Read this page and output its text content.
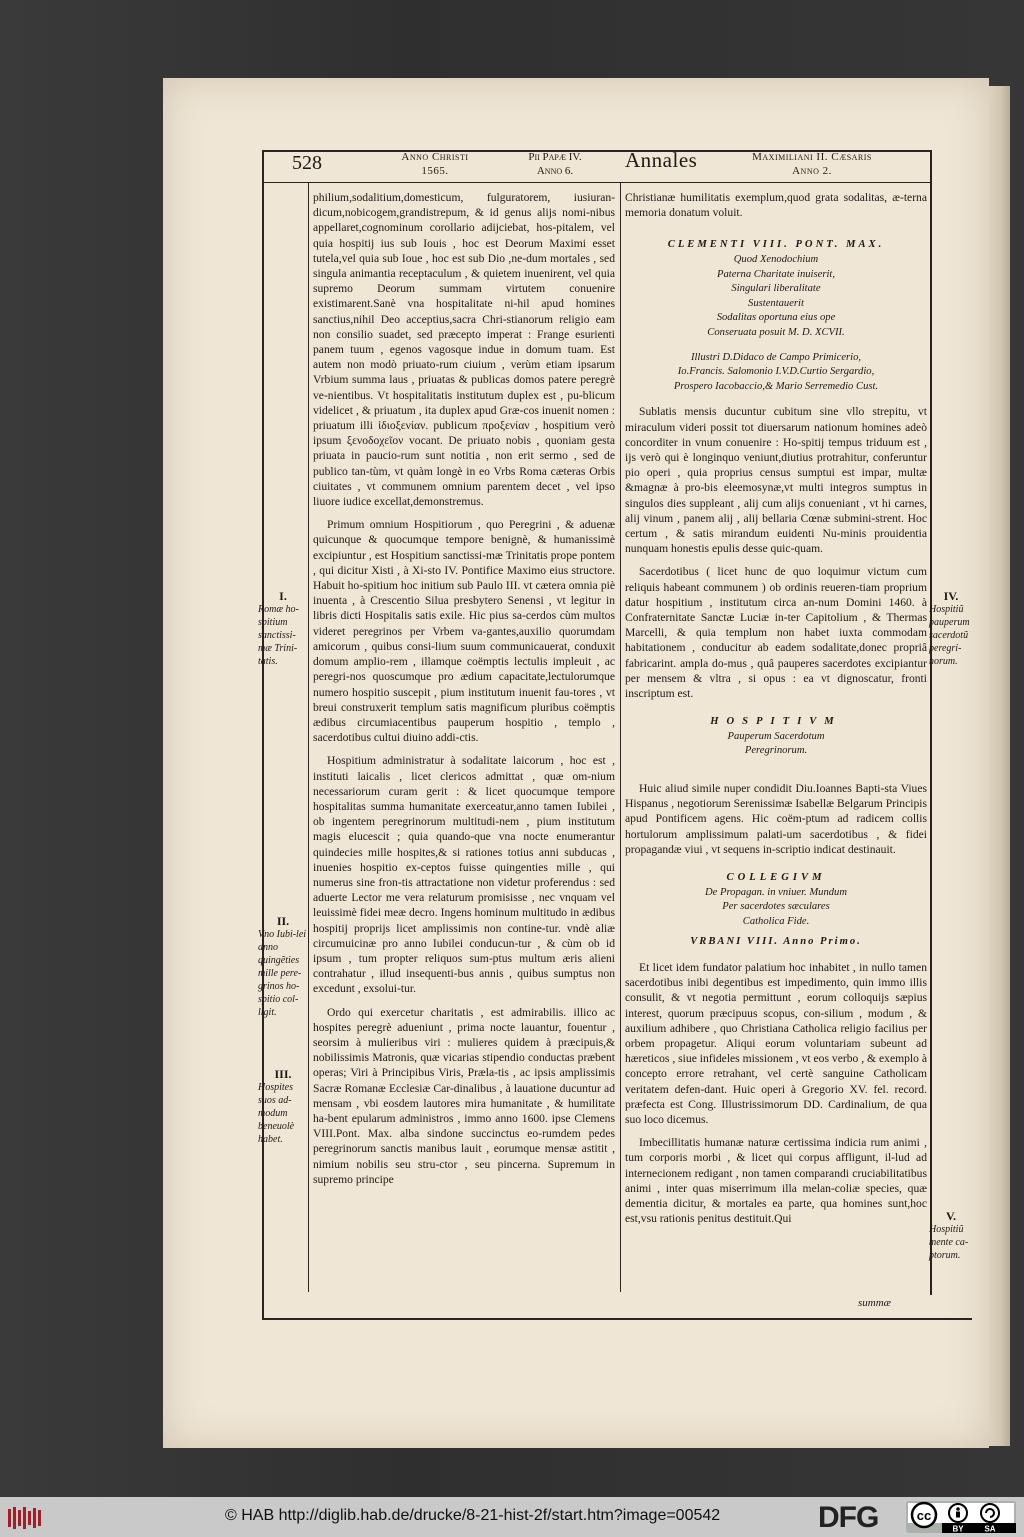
528	Anno Christi
1565.
Pii Papæ IV.
Anno 6.	Annales	Maximiliani II. Cæsaris
Anno 2.

philium,sodalitium,domesticum, fulguratorem, iusiuran-dicum,nobicogem,grandistrepum, & id genus alijs nomi-nibus appellaret,cognominum corollario adijciebat, hos-pitalem, vel quia hospitij ius sub Iouis , hoc est Deorum Maximi esset tutela,vel quia sub Ioue , hoc est sub Dio ,ne-dum mortales , sed singula animantia receptaculum , & quietem inuenirent, vel quia supremo Deorum summam virtutem conuenire existimarent.Sanè vna hospitalitate ni-hil apud homines sanctius,nihil Deo acceptius,sacra Chri-stianorum religio eam non consilio suadet, sed præcepto imperat : Frange esurienti panem tuum , egenos vagosque indue in domum tuam. Est autem non modò priuato-rum ciuium , verùm etiam ipsarum Vrbium summa laus , priuatas & publicas domos patere peregrè ve-nientibus. Vt hospitalitatis institutum duplex est , pu-blicum videlicet , & priuatum , ita duplex apud Græ-cos inuenit nomen : priuatum illi ἰδιοξενίαν. publicum προξενίαν , hospitium verò ipsum ξενοδοχεῖον vocant. De priuato nobis , quoniam gesta priuata in paucio-rum sunt notitia , non erit sermo , sed de publico tan-tùm, vt quàm longè in eo Vrbs Roma cæteras Orbis ciuitates , vt communem omnium parentem decet , vel ipso liuore iudice excellat,demonstremus.

Primum omnium Hospitiorum , quo Peregrini , & aduenæ quicunque & quocumque tempore benignè, & humanissimè excipiuntur , est Hospitium sanctissi-mæ Trinitatis prope pontem , qui dicitur Xisti , à Xi-sto IV. Pontifice Maximo eius structore. Habuit ho-spitium hoc initium sub Paulo III. vt cætera omnia piè inuenta , à Crescentio Silua presbytero Senensi , vt legitur in libris dicti Hospitalis satis exile. Hic pius sa-cerdos cùm multos videret peregrinos per Vrbem va-gantes,auxilio quorumdam amicorum , quibus consi-lium suum communicauerat, conduxit domum amplio-rem , illamque coëmptis lectulis impleuit , ac peregri-nos quoscumque pro ædium capacitate,lectulorumque numero hospitio suscepit , pium institutum inuenit fau-tores , vt breui construxerit templum satis magnificum pluribus coëmptis ædibus circumiacentibus pauperum hospitio , templo , sacerdotibus cultui diuino addi-ctis.

Hospitium administratur à sodalitate laicorum , hoc est , instituti laicalis , licet clericos admittat , quæ om-nium necessariorum curam gerit : & licet quocumque tempore hospitalitas summa humanitate exerceatur,anno tamen Iubilei , ob ingentem peregrinorum multitudi-nem , pium institutum magis elucescit ; quia quando-que vna nocte enumerantur quindecies mille hospites,& si rationes totius anni subducas , inuenies hospitio ex-ceptos fuisse quingenties mille , qui numerus sine fron-tis attractatione non videtur proferendus : sed aduerte Lector me vera relaturum promisisse , nec vnquam vel leuissimè fidei meæ decro. Ingens hominum multitudo in ædibus hospitij proprijs licet amplissimis non contine-tur. vndè aliæ circumuicinæ pro anno Iubilei conducun-tur , & cùm ob id ipsum , tum propter reliquos sum-ptus multum æris alieni contrahatur , illud insequenti-bus annis , quibus sumptus non excedunt , exsolui-tur.

Ordo qui exercetur charitatis , est admirabilis. illico ac hospites peregrè adueniunt , prima nocte lauantur, fouentur , seorsim à mulieribus viri : mulieres quidem à præcipuis,& nobilissimis Matronis, quæ vicarias stipendio conductas præbent operas; Viri à Principibus Viris, Præla-tis , ac ipsis amplissimis Sacræ Romanæ Ecclesiæ Car-dinalibus , à lauatione ducuntur ad mensam , vbi eosdem lautores mira humanitate , & humilitate ha-bent epularum administros , immo anno 1600. ipse Clemens VIII.Pont. Max. alba sindone succinctus eo-rumdem pedes peregrinorum sanctis manibus lauit , eorumque mensæ astitit , nimium nobilis seu stru-ctor , seu pincerna. Supremum in supremo principe

Christianæ humilitatis exemplum,quod grata sodalitas, æ-terna memoria donatum voluit.

CLEMENTI VIII. PONT. MAX.
Quod Xenodochium
Paterna Charitate inuiserit,
Singulari liberalitate
Sustentauerit
Sodalitas oportuna eius ope
Conseruata posuit M. D. XCVII.
Illustri D.Didaco de Campo Primicerio,
Io.Francis. Salomonio I.V.D.Curtio Sergardio,
Prospero Iacobaccio,& Mario Serremedio Cust.

Sublatis mensis ducuntur cubitum sine vllo strepitu, vt miraculum videri possit tot diuersarum nationum homines adeò concorditer in vnum conuenire : Ho-spitij tempus triduum est , ijs verò qui è longinquo veniunt,diutius protrahitur, conferuntur pio operi , quia proprius census sumptui est impar, multæ &magnæ à pro-bis eleemosynæ,vt multi integros sumptus in singulos dies suppleant , alij cum alijs conueniant , vt hi carnes, alij vinum , panem alij , alij bellaria Cœnæ submini-strent. Hoc certum , & satis mirandum euidenti Nu-minis prouidentia nunquam honestis epulis desse quic-quam.

Sacerdotibus ( licet hunc de quo loquimur victum cum reliquis habeant communem ) ob ordinis reueren-tiam proprium datur hospitium , institutum circa an-num Domini 1460. à Confraternitate Sanctæ Luciæ in-ter Capitolium , & Thermas Marcelli, & quia templum non habet iuxta commodam habitationem , conducitur ab eadem sodalitate,donec propriâ fabricarint. ampla do-mus , quâ pauperes sacerdotes excipiantur per mensem & vltra , si opus : ea vt dignoscatur, fronti inscriptum est.

HOSPITIVM
Pauperum Sacerdotum
Peregrinorum.

Huic aliud simile nuper condidit Diu.Ioannes Bapti-sta Viues Hispanus , negotiorum Serenissimæ Isabellæ Belgarum Principis apud Pontificem agens. Hic coëm-ptum ad radicem collis hortulorum amplissimum palati-um sacerdotibus , & fidei propagandæ viui , vt sequens in-scriptio indicat destinauit.

COLLEGIVM
De Propagan. in vniuer. Mundum
Per sacerdotes sæculares
Catholica Fide.
VRBANI VIII. Anno Primo.

Et licet idem fundator palatium hoc inhabitet , in nullo tamen sacerdotibus inibi degentibus est impedimento, quin immo illis consulit, & vt negotia permittunt , eorum colloquijs sæpius interest, quorum præcipuus scopus, con-silium , modum , & auxilium adhibere , quo Christiana Catholica religio facilius per orbem propagetur. Aliqui eorum voluntariam subeunt ad hæreticos , siue infideles missionem , vt eos verbo , & exemplo à concepto errore retrahant, vel certè sanguine Catholicam veritatem defen-dant. Huic operi à Gregorio XV. fel. record. præfecta est Cong. Illustrissimorum DD. Cardinalium, de qua suo loco dicemus.

Imbecillitatis humanæ naturæ certissima indicia rum animi , tum corporis morbi , & licet qui corpus affligunt, il-lud ad internecionem redigant , non tamen comparandi cruciabilitatibus animi , inter quas miserrimum illa melan-coliæ species, quæ dementia dicitur, & mortales ea parte, qua homines sunt,hoc est,vsu rationis penitus destituit.Qui

I.
Romæ ho-spitium sanctissi-mæ Trini-tatis.
II.
Vno Iubi-lei anno quingẽties mille pere-grinos ho-spitio col-ligit.
III.
Hospites suos ad-modum beneuolè habet.
IV.
Hospitiũ pauperum sacerdotũ peregri-norum.
V.
Hospitiũ mente ca-ptorum.
summæ
© HAB http://diglib.hab.de/drucke/8-21-hist-2f/start.htm?image=00542	DFG	cc
BY	SA
